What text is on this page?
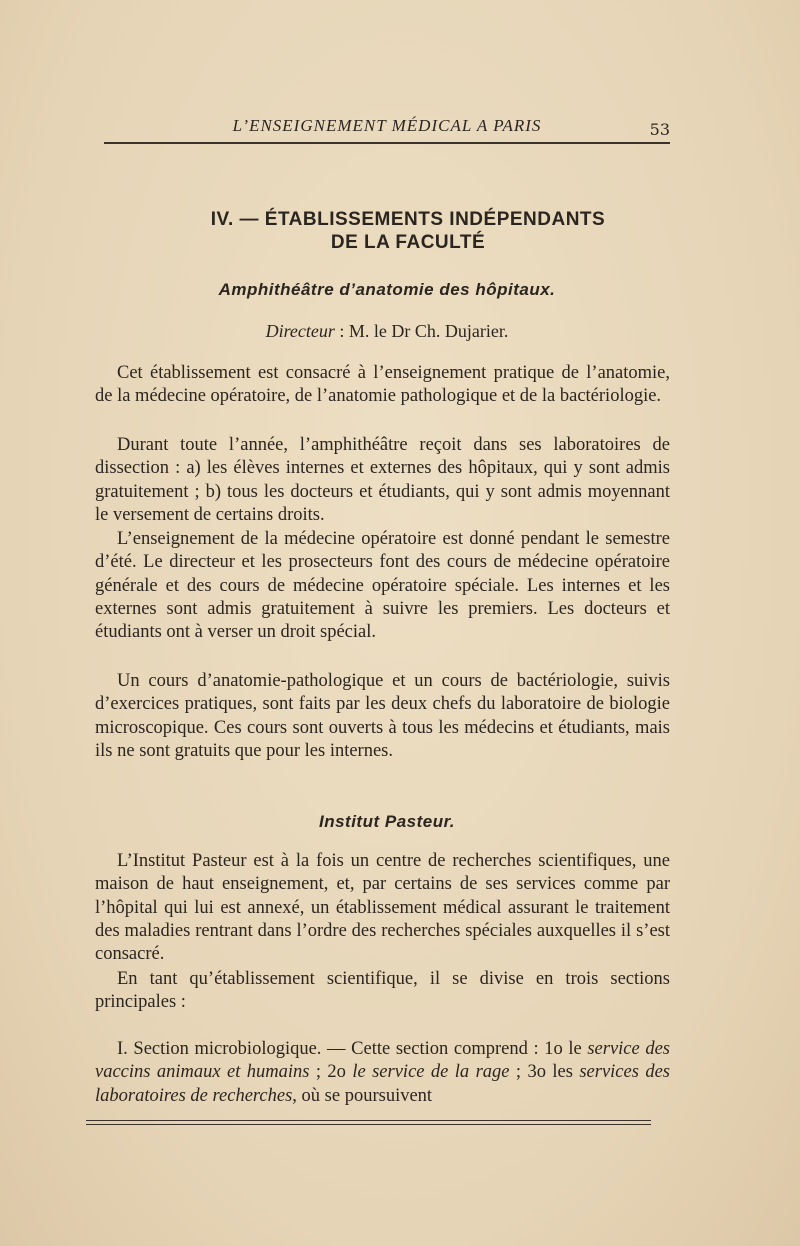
L’ENSEIGNEMENT MÉDICAL A PARIS	53
IV. — ÉTABLISSEMENTS INDÉPENDANTS
DE LA FACULTÉ
Amphithéâtre d’anatomie des hôpitaux.
Directeur : M. le Dr Ch. Dujarier.

Cet établissement est consacré à l’enseignement pratique de l’anatomie, de la médecine opératoire, de l’anatomie pathologique et de la bactériologie.

Durant toute l’année, l’amphithéâtre reçoit dans ses laboratoires de dissection : a) les élèves internes et externes des hôpitaux, qui y sont admis gratuitement ; b) tous les docteurs et étudiants, qui y sont admis moyennant le versement de certains droits.

L’enseignement de la médecine opératoire est donné pendant le semestre d’été. Le directeur et les prosecteurs font des cours de médecine opératoire générale et des cours de médecine opératoire spéciale. Les internes et les externes sont admis gratuitement à suivre les premiers. Les docteurs et étudiants ont à verser un droit spécial.

Un cours d’anatomie-pathologique et un cours de bactériologie, suivis d’exercices pratiques, sont faits par les deux chefs du laboratoire de biologie microscopique. Ces cours sont ouverts à tous les médecins et étudiants, mais ils ne sont gratuits que pour les internes.

Institut Pasteur.

L’Institut Pasteur est à la fois un centre de recherches scientifiques, une maison de haut enseignement, et, par certains de ses services comme par l’hôpital qui lui est annexé, un établissement médical assurant le traitement des maladies rentrant dans l’ordre des recherches spéciales auxquelles il s’est consacré.

En tant qu’établissement scientifique, il se divise en trois sections principales :

I. Section microbiologique. — Cette section comprend : 1o le service des vaccins animaux et humains ; 2o le service de la rage ; 3o les services des laboratoires de recherches, où se poursuivent
